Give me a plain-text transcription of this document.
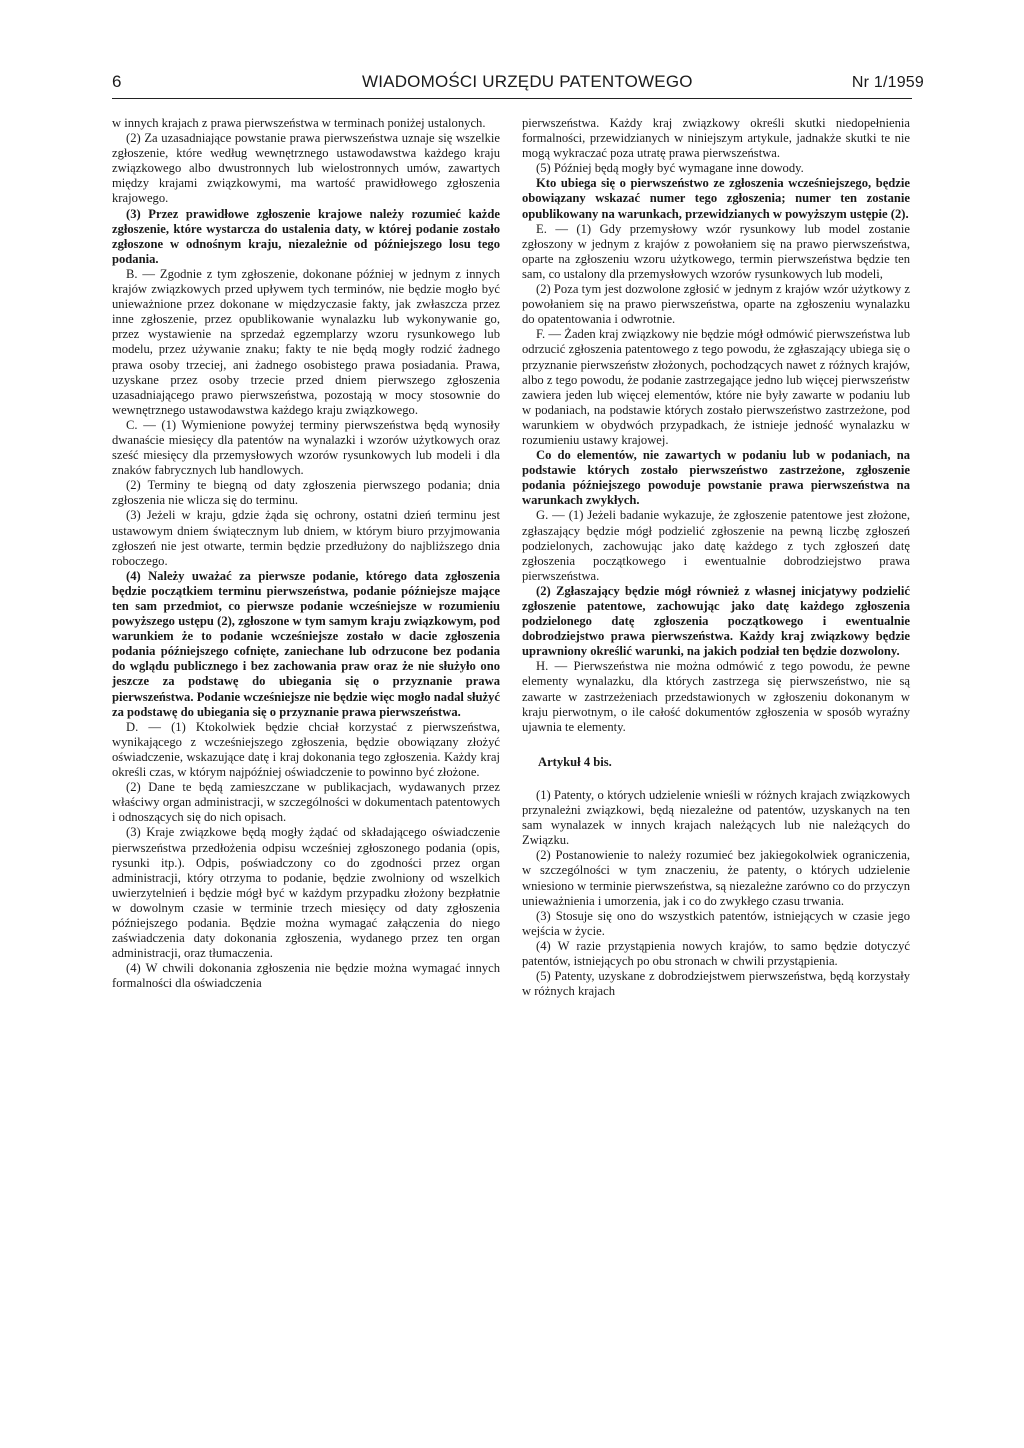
6	WIADOMOŚCI URZĘDU PATENTOWEGO	Nr 1/1959

w innych krajach z prawa pierwszeństwa w terminach poniżej ustalonych.

(2) Za uzasadniające powstanie prawa pierwszeństwa uznaje się wszelkie zgłoszenie, które według wewnętrznego ustawodawstwa każdego kraju związkowego albo dwustronnych lub wielostronnych umów, zawartych między krajami związkowymi, ma wartość prawidłowego zgłoszenia krajowego.

(3) Przez prawidłowe zgłoszenie krajowe należy rozumieć każde zgłoszenie, które wystarcza do ustalenia daty, w której podanie zostało zgłoszone w odnośnym kraju, niezależnie od późniejszego losu tego podania.

B. — Zgodnie z tym zgłoszenie, dokonane później w jednym z innych krajów związkowych przed upływem tych terminów, nie będzie mogło być unieważnione przez dokonane w międzyczasie fakty, jak zwłaszcza przez inne zgłoszenie, przez opublikowanie wynalazku lub wykonywanie go, przez wystawienie na sprzedaż egzemplarzy wzoru rysunkowego lub modelu, przez używanie znaku; fakty te nie będą mogły rodzić żadnego prawa osoby trzeciej, ani żadnego osobistego prawa posiadania. Prawa, uzyskane przez osoby trzecie przed dniem pierwszego zgłoszenia uzasadniającego prawo pierwszeństwa, pozostają w mocy stosownie do wewnętrznego ustawodawstwa każdego kraju związkowego.

C. — (1) Wymienione powyżej terminy pierwszeństwa będą wynosiły dwanaście miesięcy dla patentów na wynalazki i wzorów użytkowych oraz sześć miesięcy dla przemysłowych wzorów rysunkowych lub modeli i dla znaków fabrycznych lub handlowych.

(2) Terminy te biegną od daty zgłoszenia pierwszego podania; dnia zgłoszenia nie wlicza się do terminu.

(3) Jeżeli w kraju, gdzie żąda się ochrony, ostatni dzień terminu jest ustawowym dniem świątecznym lub dniem, w którym biuro przyjmowania zgłoszeń nie jest otwarte, termin będzie przedłużony do najbliższego dnia roboczego.

(4) Należy uważać za pierwsze podanie, którego data zgłoszenia będzie początkiem terminu pierwszeństwa, podanie późniejsze mające ten sam przedmiot, co pierwsze podanie wcześniejsze w rozumieniu powyższego ustępu (2), zgłoszone w tym samym kraju związkowym, pod warunkiem że to podanie wcześniejsze zostało w dacie zgłoszenia podania późniejszego cofnięte, zaniechane lub odrzucone bez podania do wglądu publicznego i bez zachowania praw oraz że nie służyło ono jeszcze za podstawę do ubiegania się o przyznanie prawa pierwszeństwa. Podanie wcześniejsze nie będzie więc mogło nadal służyć za podstawę do ubiegania się o przyznanie prawa pierwszeństwa.

D. — (1) Ktokolwiek będzie chciał korzystać z pierwszeństwa, wynikającego z wcześniejszego zgłoszenia, będzie obowiązany złożyć oświadczenie, wskazujące datę i kraj dokonania tego zgłoszenia. Każdy kraj określi czas, w którym najpóźniej oświadczenie to powinno być złożone.

(2) Dane te będą zamieszczane w publikacjach, wydawanych przez właściwy organ administracji, w szczególności w dokumentach patentowych i odnoszących się do nich opisach.

(3) Kraje związkowe będą mogły żądać od składającego oświadczenie pierwszeństwa przedłożenia odpisu wcześniej zgłoszonego podania (opis, rysunki itp.). Odpis, poświadczony co do zgodności przez organ administracji, który otrzyma to podanie, będzie zwolniony od wszelkich uwierzytelnień i będzie mógł być w każdym przypadku złożony bezpłatnie w dowolnym czasie w terminie trzech miesięcy od daty zgłoszenia późniejszego podania. Będzie można wymagać załączenia do niego zaświadczenia daty dokonania zgłoszenia, wydanego przez ten organ administracji, oraz tłumaczenia.

(4) W chwili dokonania zgłoszenia nie będzie można wymagać innych formalności dla oświadczenia

pierwszeństwa. Każdy kraj związkowy określi skutki niedopełnienia formalności, przewidzianych w niniejszym artykule, jadnakże skutki te nie mogą wykraczać poza utratę prawa pierwszeństwa.

(5) Później będą mogły być wymagane inne dowody.

Kto ubiega się o pierwszeństwo ze zgłoszenia wcześniejszego, będzie obowiązany wskazać numer tego zgłoszenia; numer ten zostanie opublikowany na warunkach, przewidzianych w powyższym ustępie (2).

E. — (1) Gdy przemysłowy wzór rysunkowy lub model zostanie zgłoszony w jednym z krajów z powołaniem się na prawo pierwszeństwa, oparte na zgłoszeniu wzoru użytkowego, termin pierwszeństwa będzie ten sam, co ustalony dla przemysłowych wzorów rysunkowych lub modeli,

(2) Poza tym jest dozwolone zgłosić w jednym z krajów wzór użytkowy z powołaniem się na prawo pierwszeństwa, oparte na zgłoszeniu wynalazku do opatentowania i odwrotnie.

F. — Żaden kraj związkowy nie będzie mógł odmówić pierwszeństwa lub odrzucić zgłoszenia patentowego z tego powodu, że zgłaszający ubiega się o przyznanie pierwszeństw złożonych, pochodzących nawet z różnych krajów, albo z tego powodu, że podanie zastrzegające jedno lub więcej pierwszeństw zawiera jeden lub więcej elementów, które nie były zawarte w podaniu lub w podaniach, na podstawie których zostało pierwszeństwo zastrzeżone, pod warunkiem w obydwóch przypadkach, że istnieje jedność wynalazku w rozumieniu ustawy krajowej.

Co do elementów, nie zawartych w podaniu lub w podaniach, na podstawie których zostało pierwszeństwo zastrzeżone, zgłoszenie podania późniejszego powoduje powstanie prawa pierwszeństwa na warunkach zwykłych.

G. — (1) Jeżeli badanie wykazuje, że zgłoszenie patentowe jest złożone, zgłaszający będzie mógł podzielić zgłoszenie na pewną liczbę zgłoszeń podzielonych, zachowując jako datę każdego z tych zgłoszeń datę zgłoszenia początkowego i ewentualnie dobrodziejstwo prawa pierwszeństwa.

(2) Zgłaszający będzie mógł również z własnej inicjatywy podzielić zgłoszenie patentowe, zachowując jako datę każdego zgłoszenia podzielonego datę zgłoszenia początkowego i ewentualnie dobrodziejstwo prawa pierwszeństwa. Każdy kraj związkowy będzie uprawniony określić warunki, na jakich podział ten będzie dozwolony.

H. — Pierwszeństwa nie można odmówić z tego powodu, że pewne elementy wynalazku, dla których zastrzega się pierwszeństwo, nie są zawarte w zastrzeżeniach przedstawionych w zgłoszeniu dokonanym w kraju pierwotnym, o ile całość dokumentów zgłoszenia w sposób wyraźny ujawnia te elementy.

Artykuł 4 bis.

(1) Patenty, o których udzielenie wnieśli w różnych krajach związkowych przynależni związkowi, będą niezależne od patentów, uzyskanych na ten sam wynalazek w innych krajach należących lub nie należących do Związku.

(2) Postanowienie to należy rozumieć bez jakiegokolwiek ograniczenia, w szczególności w tym znaczeniu, że patenty, o których udzielenie wniesiono w terminie pierwszeństwa, są niezależne zarówno co do przyczyn unieważnienia i umorzenia, jak i co do zwykłego czasu trwania.

(3) Stosuje się ono do wszystkich patentów, istniejących w czasie jego wejścia w życie.

(4) W razie przystąpienia nowych krajów, to samo będzie dotyczyć patentów, istniejących po obu stronach w chwili przystąpienia.

(5) Patenty, uzyskane z dobrodziejstwem pierwszeństwa, będą korzystały w różnych krajach
